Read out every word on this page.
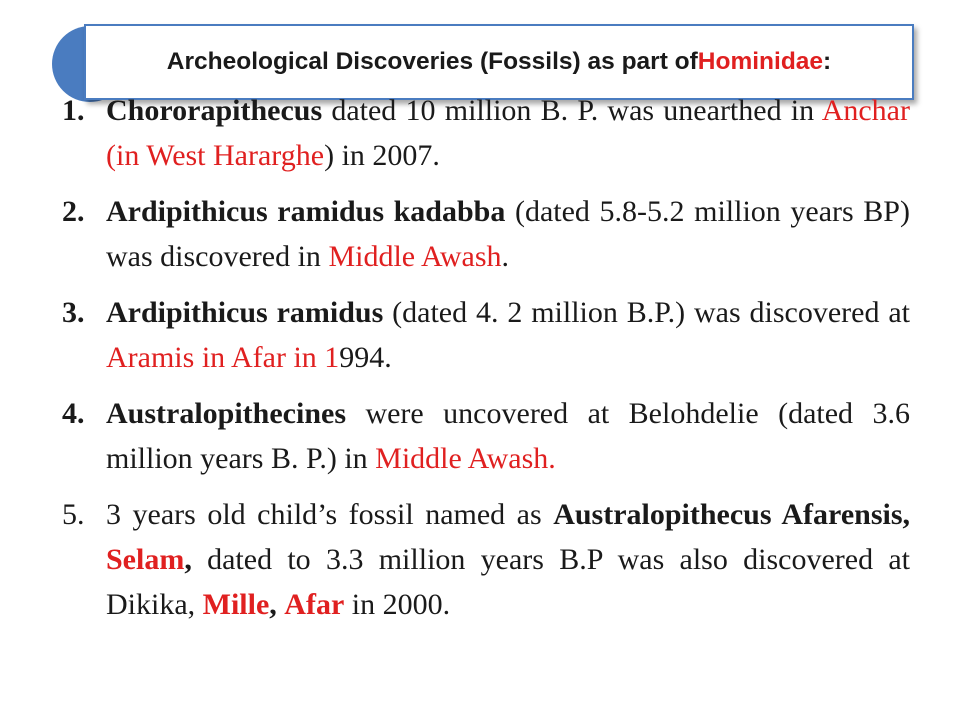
Archeological Discoveries (Fossils) as part of Hominidae :
1. Chororapithecus dated 10 million B. P. was unearthed in Anchar (in West Hararghe) in 2007.
2. Ardipithicus ramidus kadabba (dated 5.8-5.2 million years BP) was discovered in Middle Awash.
3. Ardipithicus ramidus (dated 4. 2 million B.P.) was discovered at Aramis in Afar in 1994.
4. Australopithecines were uncovered at Belohdelie (dated 3.6 million years B. P.) in Middle Awash.
5. 3 years old child’s fossil named as Australopithecus Afarensis, Selam, dated to 3.3 million years B.P was also discovered at Dikika, Mille, Afar in 2000.
